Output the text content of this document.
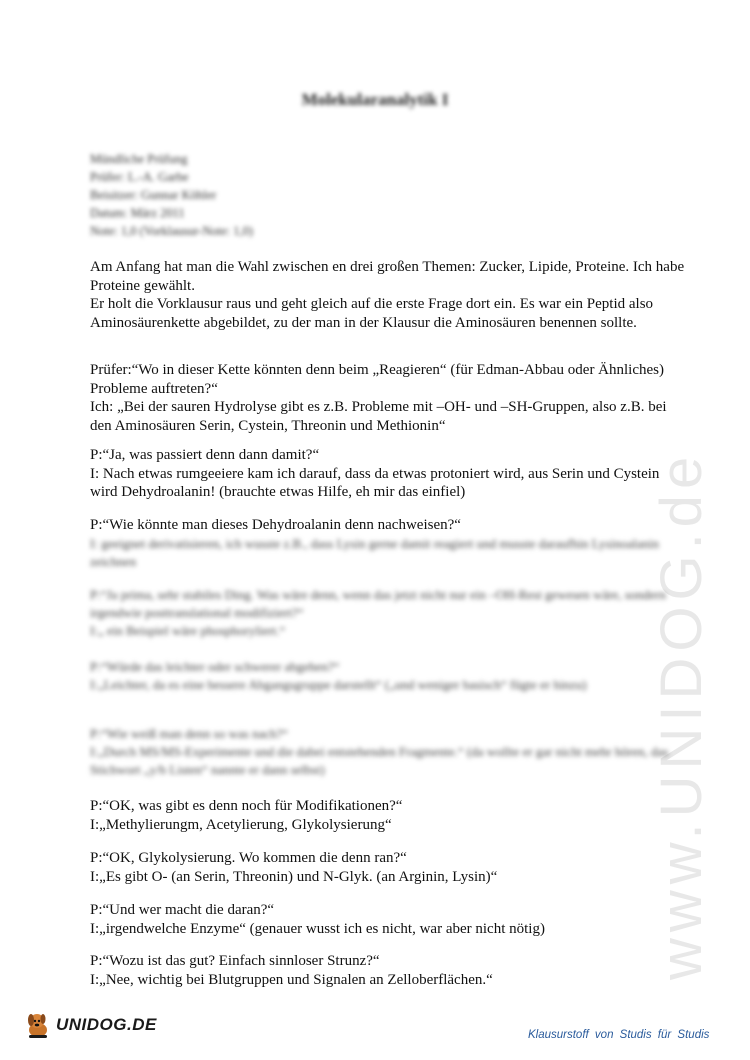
www.UNIDOG.de
Molekularanalytik I
Mündliche Prüfung
Prüfer: L.-A. Garbe
Beisitzer: Gunnar Köhler
Datum: März 2011
Note: 1,0 (Vorklausur-Note: 1,0)

Am Anfang hat man die Wahl zwischen en drei großen Themen: Zucker, Lipide, Proteine. Ich habe Proteine gewählt.

Er holt die Vorklausur raus und geht gleich auf die erste Frage dort ein. Es war ein Peptid also Aminosäurenkette abgebildet, zu der man in der Klausur die Aminosäuren benennen sollte.

Prüfer:“Wo in dieser Kette könnten denn beim „Reagieren“ (für Edman-Abbau oder Ähnliches) Probleme auftreten?“

Ich: „Bei der sauren Hydrolyse gibt es z.B. Probleme mit –OH- und –SH-Gruppen, also z.B. bei den Aminosäuren Serin, Cystein, Threonin und Methionin“

P:“Ja, was passiert denn dann damit?“

I: Nach etwas rumgeeiere kam ich darauf, dass da etwas protoniert wird, aus Serin und Cystein wird Dehydroalanin! (brauchte etwas Hilfe, eh mir das einfiel)

P:“Wie könnte man dieses Dehydroalanin denn nachweisen?“

I: geeignet derivatisieren, ich wusste z.B., dass Lysin gerne damit reagiert und musste daraufhin Lysinoalanin zeichnen

P:“Ja prima, sehr stabiles Ding. Was wäre denn, wenn das jetzt nicht nur ein –OH-Rest gewesen wäre, sondern irgendwie posttranslational modifiziert?“

I:„ ein Beispiel wäre phosphoryliert.“

P:“Würde das leichter oder schwerer abgehen?“

I:„Leichter, da es eine bessere Abgangsgruppe darstellt“ („und weniger basisch“ fügte er hinzu)

P:“Wie weiß man denn so was nach?“

I:„Durch MS/MS-Experimente und die dabei entstehenden Fragmente.“ (da wollte er gar nicht mehr hören, das Stichwort „y/b Listen“ nannte er dann selbst)

P:“OK, was gibt es denn noch für Modifikationen?“

I:„Methylierungm, Acetylierung, Glykolysierung“

P:“OK, Glykolysierung. Wo kommen die denn ran?“

I:„Es gibt O- (an Serin, Threonin) und N-Glyk. (an Arginin, Lysin)“

P:“Und wer macht die daran?“

I:„irgendwelche Enzyme“ (genauer wusst ich es nicht, war aber nicht nötig)

P:“Wozu ist das gut? Einfach sinnloser Strunz?“

I:„Nee, wichtig bei Blutgruppen und Signalen an Zelloberflächen.“

UNIDOG.DE
Klausurstoff von Studis für Studis
